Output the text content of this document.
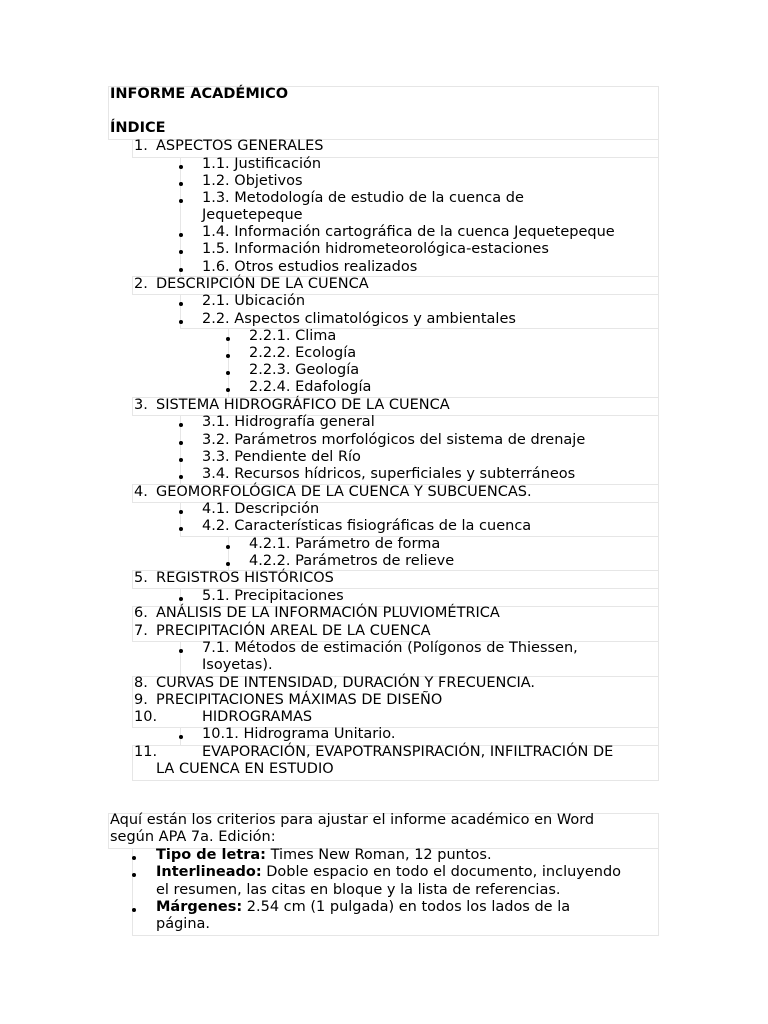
INFORME ACADÉMICO
ÍNDICE
1. ASPECTOS GENERALES
1.1. Justificación
1.2. Objetivos
1.3. Metodología de estudio de la cuenca de
Jequetepeque
1.4. Información cartográfica de la cuenca Jequetepeque
1.5. Información hidrometeorológica-estaciones
1.6. Otros estudios realizados
2. DESCRIPCIÓN DE LA CUENCA
2.1. Ubicación
2.2. Aspectos climatológicos y ambientales
2.2.1. Clima
2.2.2. Ecología
2.2.3. Geología
2.2.4. Edafología
3. SISTEMA HIDROGRÁFICO DE LA CUENCA
3.1. Hidrografía general
3.2. Parámetros morfológicos del sistema de drenaje
3.3. Pendiente del Río
3.4. Recursos hídricos, superficiales y subterráneos
4. GEOMORFOLÓGICA DE LA CUENCA Y SUBCUENCAS.
4.1. Descripción
4.2. Características fisiográficas de la cuenca
4.2.1. Parámetro de forma
4.2.2. Parámetros de relieve
5. REGISTROS HISTÓRICOS
5.1. Precipitaciones
6. ANÁLISIS DE LA INFORMACIÓN PLUVIOMÉTRICA
7. PRECIPITACIÓN AREAL DE LA CUENCA
7.1. Métodos de estimación (Polígonos de Thiessen,
Isoyetas).
8. CURVAS DE INTENSIDAD, DURACIÓN Y FRECUENCIA.
9. PRECIPITACIONES MÁXIMAS DE DISEÑO
10.	HIDROGRAMAS
10.1. Hidrograma Unitario.
11.	EVAPORACIÓN, EVAPOTRANSPIRACIÓN, INFILTRACIÓN DE
LA CUENCA EN ESTUDIO
Aquí están los criterios para ajustar el informe académico en Word
según APA 7a. Edición:
Tipo de letra: Times New Roman, 12 puntos.
Interlineado: Doble espacio en todo el documento, incluyendo
el resumen, las citas en bloque y la lista de referencias.
Márgenes: 2.54 cm (1 pulgada) en todos los lados de la
página.
